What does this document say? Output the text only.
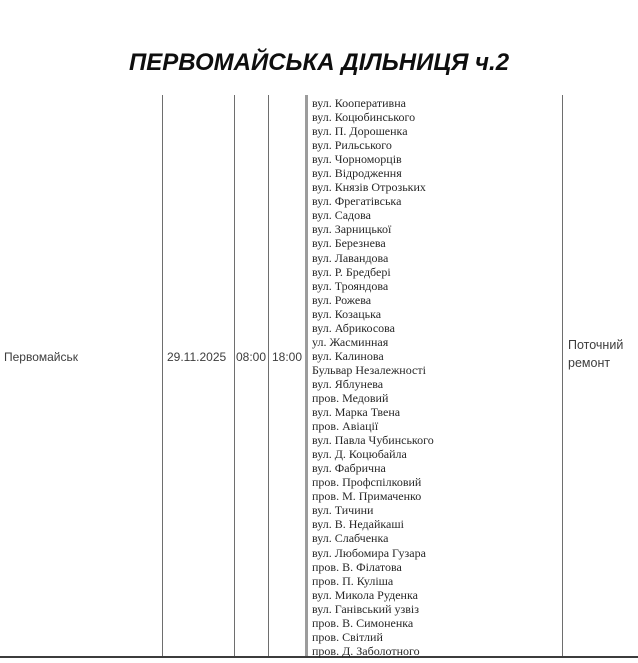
ПЕРВОМАЙСЬКА ДІЛЬНИЦЯ ч.2
Первомайськ	29.11.2025 08:00 18:00
вул. Кооперативна
вул. Коцюбинського
вул. П. Дорошенка
вул. Рильського
вул. Чорноморців
вул. Відродження
вул. Князів Отрозьких
вул. Фрегатівська
вул. Садова
вул. Зарницької
вул. Березнева
вул. Лавандова
вул. Р. Бредбері
вул. Трояндова
вул. Рожева
вул. Козацька
вул. Абрикосова
ул. Жасминная
вул. Калинова
Бульвар Незалежності
вул. Яблунева
пров. Медовий
вул. Марка Твена
пров. Авіації
вул. Павла Чубинського
вул. Д. Коцюбайла
вул. Фабрична
пров. Профспілковий
пров. М. Примаченко
вул. Тичини
вул. В. Недайкаші
вул. Слабченка
вул. Любомира Гузара
пров. В. Філатова
пров. П. Куліша
вул. Микола Руденка
вул. Ганівський узвіз
пров. В. Симоненка
пров. Світлий
пров. Д. Заболотного
Поточний ремонт
